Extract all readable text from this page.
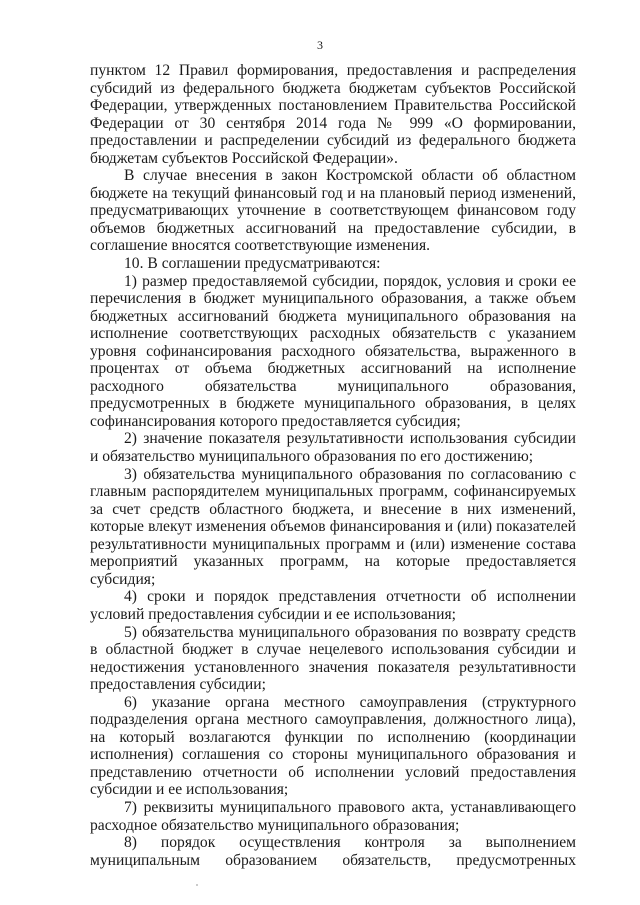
3

пунктом 12 Правил формирования, предоставления и распределения субсидий из федерального бюджета бюджетам субъектов Российской Федерации, утвержденных постановлением Правительства Российской Федерации от 30 сентября 2014 года № 999 «О формировании, предоставлении и распределении субсидий из федерального бюджета бюджетам субъектов Российской Федерации».

В случае внесения в закон Костромской области об областном бюджете на текущий финансовый год и на плановый период изменений, предусматривающих уточнение в соответствующем финансовом году объемов бюджетных ассигнований на предоставление субсидии, в соглашение вносятся соответствующие изменения.

10. В соглашении предусматриваются:

1) размер предоставляемой субсидии, порядок, условия и сроки ее перечисления в бюджет муниципального образования, а также объем бюджетных ассигнований бюджета муниципального образования на исполнение соответствующих расходных обязательств с указанием уровня софинансирования расходного обязательства, выраженного в процентах от объема бюджетных ассигнований на исполнение расходного обязательства муниципального образования, предусмотренных в бюджете муниципального образования, в целях софинансирования которого предоставляется субсидия;

2) значение показателя результативности использования субсидии и обязательство муниципального образования по его достижению;

3) обязательства муниципального образования по согласованию с главным распорядителем муниципальных программ, софинансируемых за счет средств областного бюджета, и внесение в них изменений, которые влекут изменения объемов финансирования и (или) показателей результативности муниципальных программ и (или) изменение состава мероприятий указанных программ, на которые предоставляется субсидия;

4) сроки и порядок представления отчетности об исполнении условий предоставления субсидии и ее использования;

5) обязательства муниципального образования по возврату средств в областной бюджет в случае нецелевого использования субсидии и недостижения установленного значения показателя результативности предоставления субсидии;

6) указание органа местного самоуправления (структурного подразделения органа местного самоуправления, должностного лица), на который возлагаются функции по исполнению (координации исполнения) соглашения со стороны муниципального образования и представлению отчетности об исполнении условий предоставления субсидии и ее использования;

7) реквизиты муниципального правового акта, устанавливающего расходное обязательство муниципального образования;

8) порядок осуществления контроля за выполнением муниципальным образованием обязательств, предусмотренных
